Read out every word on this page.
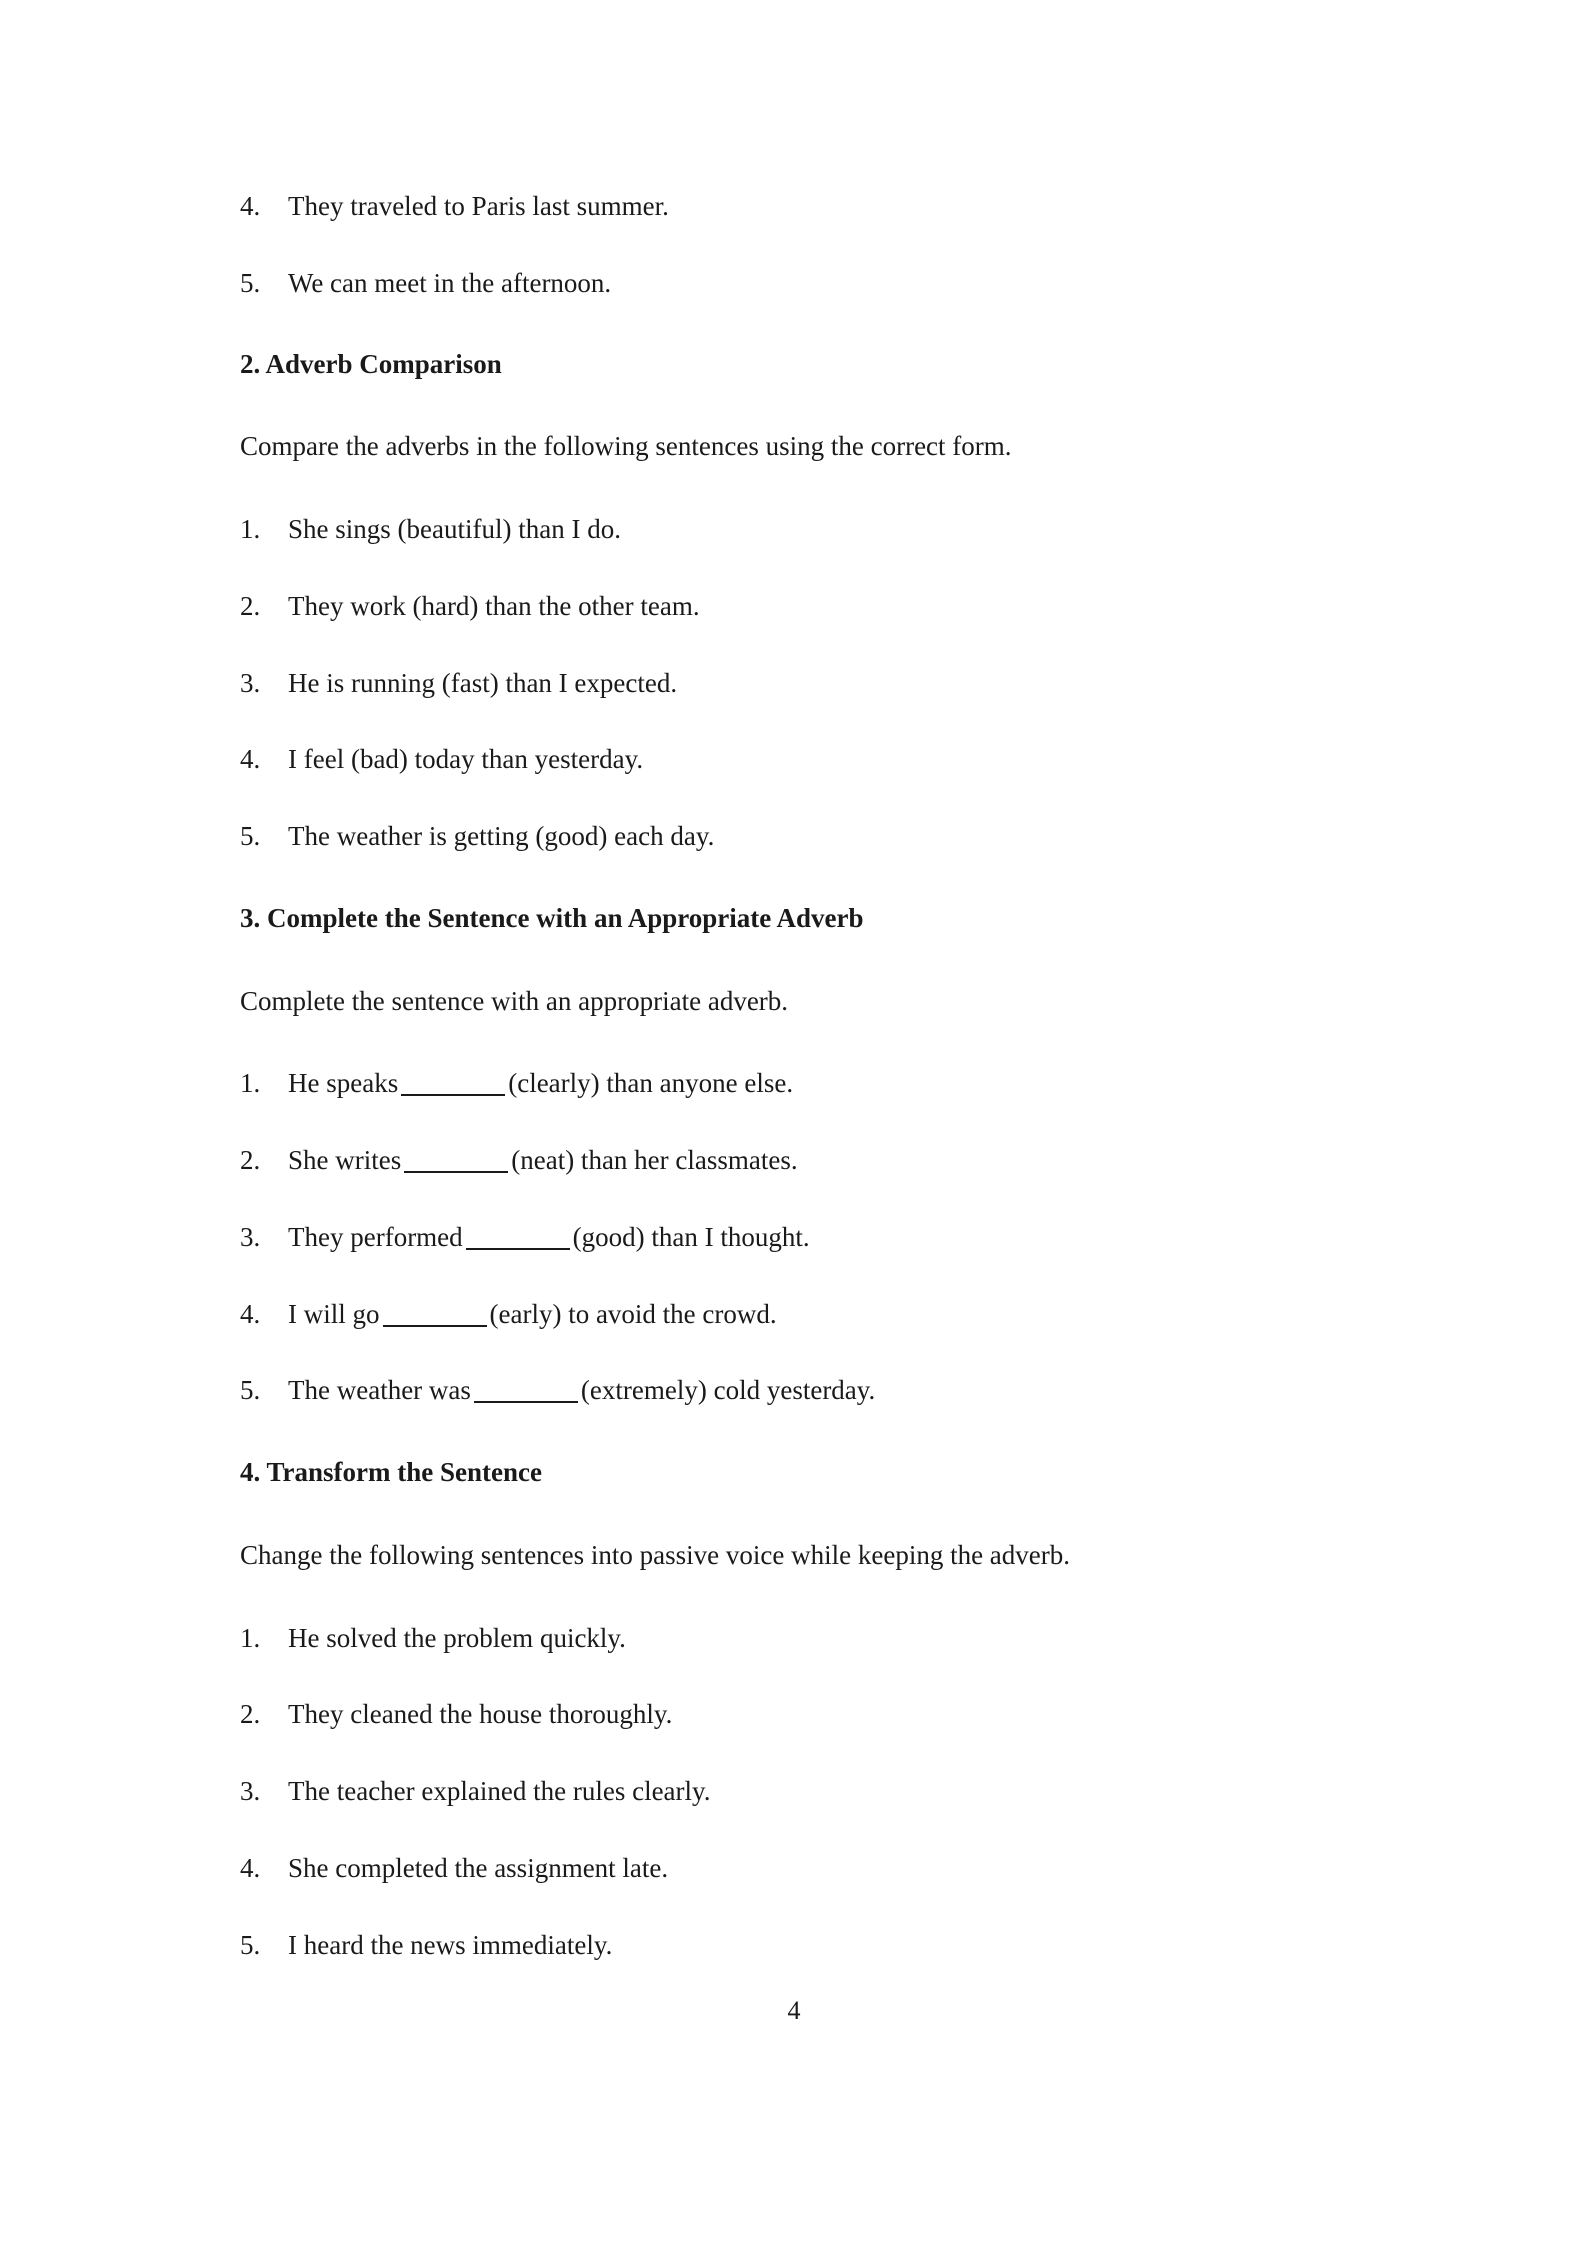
4. They traveled to Paris last summer.
5. We can meet in the afternoon.
2. Adverb Comparison

Compare the adverbs in the following sentences using the correct form.

1. She sings (beautiful) than I do.
2. They work (hard) than the other team.
3. He is running (fast) than I expected.
4. I feel (bad) today than yesterday.
5. The weather is getting (good) each day.
3. Complete the Sentence with an Appropriate Adverb

Complete the sentence with an appropriate adverb.

1. He speaks	(clearly) than anyone else.
2. She writes	(neat) than her classmates.
3. They performed	(good) than I thought.
4. I will go	(early) to avoid the crowd.
5. The weather was	(extremely) cold yesterday.
4. Transform the Sentence

Change the following sentences into passive voice while keeping the adverb.

1. He solved the problem quickly.
2. They cleaned the house thoroughly.
3. The teacher explained the rules clearly.
4. She completed the assignment late.
5. I heard the news immediately.
4
